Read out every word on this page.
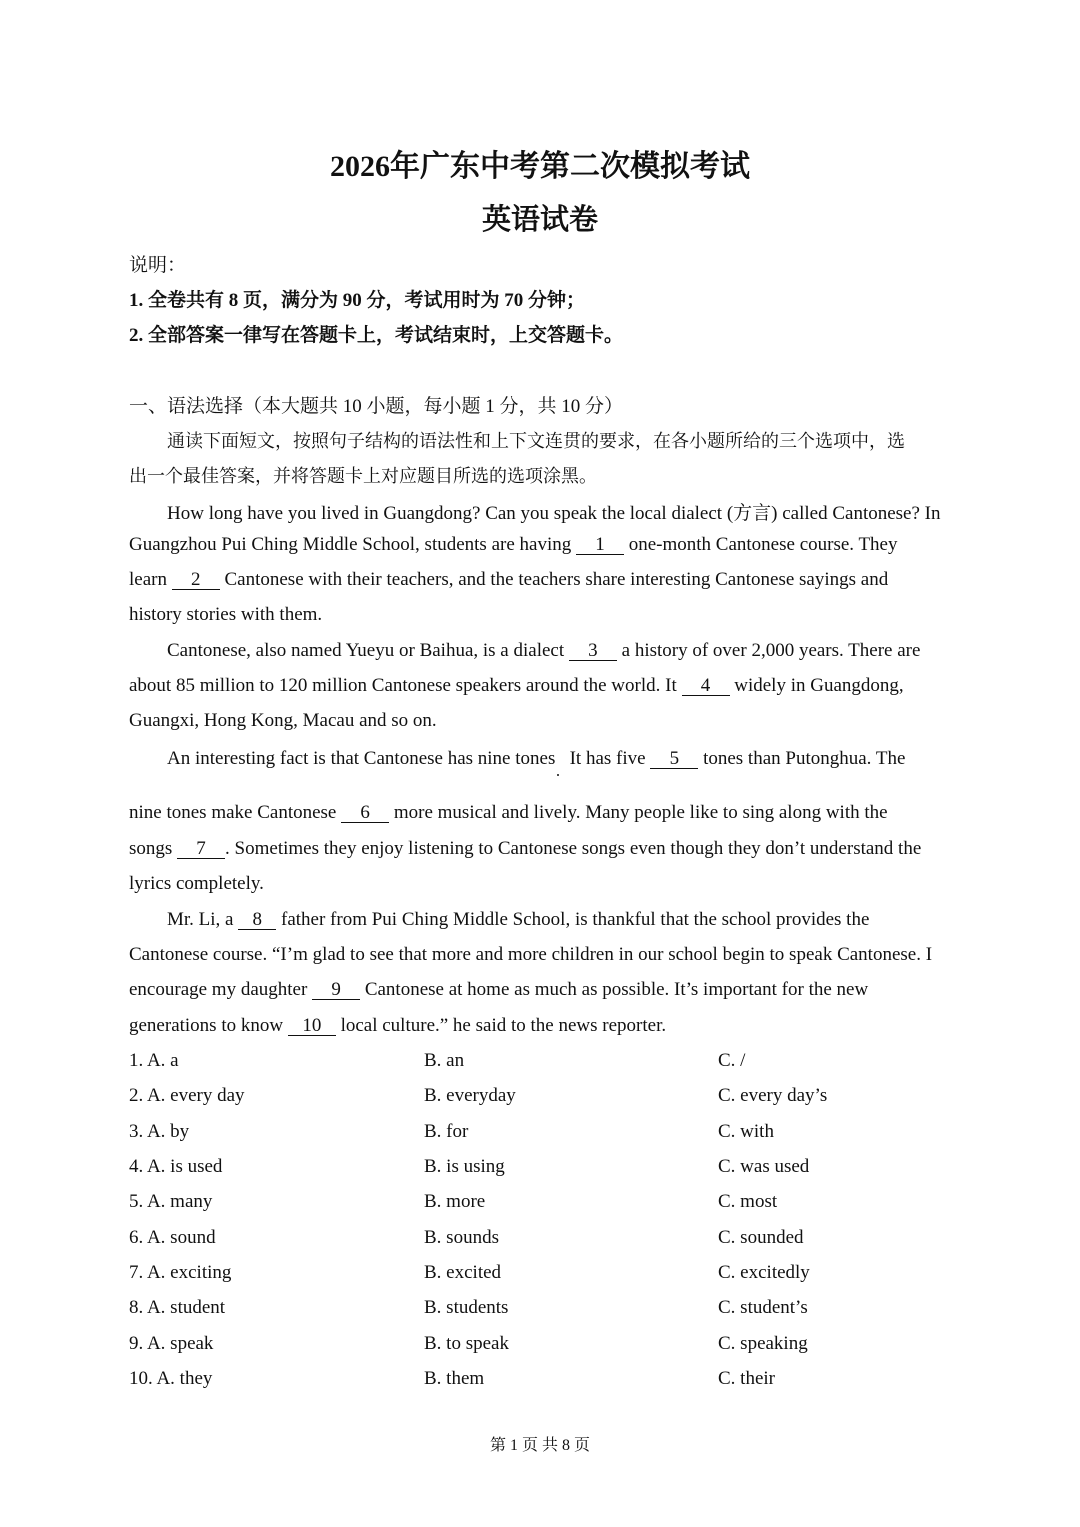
2026年广东中考第二次模拟考试
英语试卷
说明：
1. 全卷共有 8 页，满分为 90 分，考试用时为 70 分钟；
2. 全部答案一律写在答题卡上，考试结束时，上交答题卡。
一、语法选择（本大题共 10 小题，每小题 1 分，共 10 分）
通读下面短文，按照句子结构的语法性和上下文连贯的要求，在各小题所给的三个选项中，选
出一个最佳答案，并将答题卡上对应题目所选的选项涂黑。
How long have you lived in Guangdong? Can you speak the local dialect (方言) called Cantonese? In
Guangzhou Pui Ching Middle School, students are having 1 one-month Cantonese course. They
learn 2 Cantonese with their teachers, and the teachers share interesting Cantonese sayings and
history stories with them.
Cantonese, also named Yueyu or Baihua, is a dialect 3 a history of over 2,000 years. There are
about 85 million to 120 million Cantonese speakers around the world. It 4 widely in Guangdong,
Guangxi, Hong Kong, Macau and so on.
An interesting fact is that Cantonese has nine tones   It has five 5 tones than Putonghua. The
nine tones make Cantonese 6 more musical and lively. Many people like to sing along with the
songs 7 . Sometimes they enjoy listening to Cantonese songs even though they don’t understand the
lyrics completely.
Mr. Li, a 8 father from Pui Ching Middle School, is thankful that the school provides the
Cantonese course. “I’m glad to see that more and more children in our school begin to speak Cantonese. I
encourage my daughter 9 Cantonese at home as much as possible. It’s important for the new
generations to know 10 local culture.” he said to the news reporter.
1. A. a	B. an	C. /
2. A. every day	B. everyday	C. every day’s
3. A. by	B. for	C. with
4. A. is used	B. is using	C. was used
5. A. many	B. more	C. most
6. A. sound	B. sounds	C. sounded
7. A. exciting	B. excited	C. excitedly
8. A. student	B. students	C. student’s
9. A. speak	B. to speak	C. speaking
10. A. they	B. them	C. their
第 1 页 共 8 页
